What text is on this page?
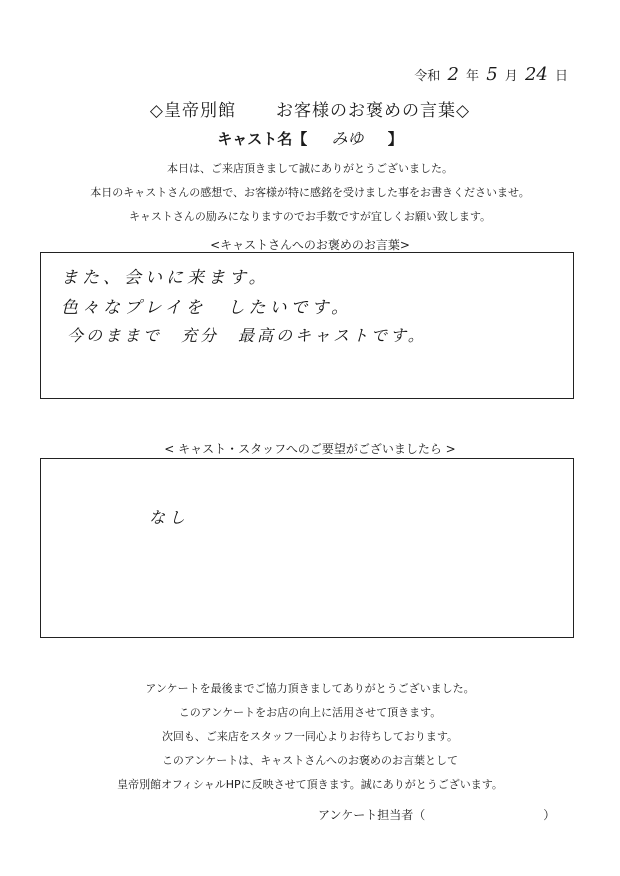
令和 2 年 5 月 24 日
◇皇帝別館 お客様のお褒めの言葉◇
キャスト名【 みゆ 】
本日は、ご来店頂きまして誠にありがとうございました。
本日のキャストさんの感想で、お客様が特に感銘を受けました事をお書きくださいませ。
キャストさんの励みになりますのでお手数ですが宜しくお願い致します。
<キャストさんへのお褒めのお言葉>
また、会いに来ます。
色々なプレイを　したいです。
今のままで　充分　最高のキャストです。
< キャスト・スタッフへのご要望がございましたら >
なし
アンケートを最後までご協力頂きましてありがとうございました。
このアンケートをお店の向上に活用させて頂きます。
次回も、ご来店をスタッフ一同心よりお待ちしております。
このアンケートは、キャストさんへのお褒めのお言葉として
皇帝別館オフィシャルHPに反映させて頂きます。誠にありがとうございます。
アンケート担当者（	）
